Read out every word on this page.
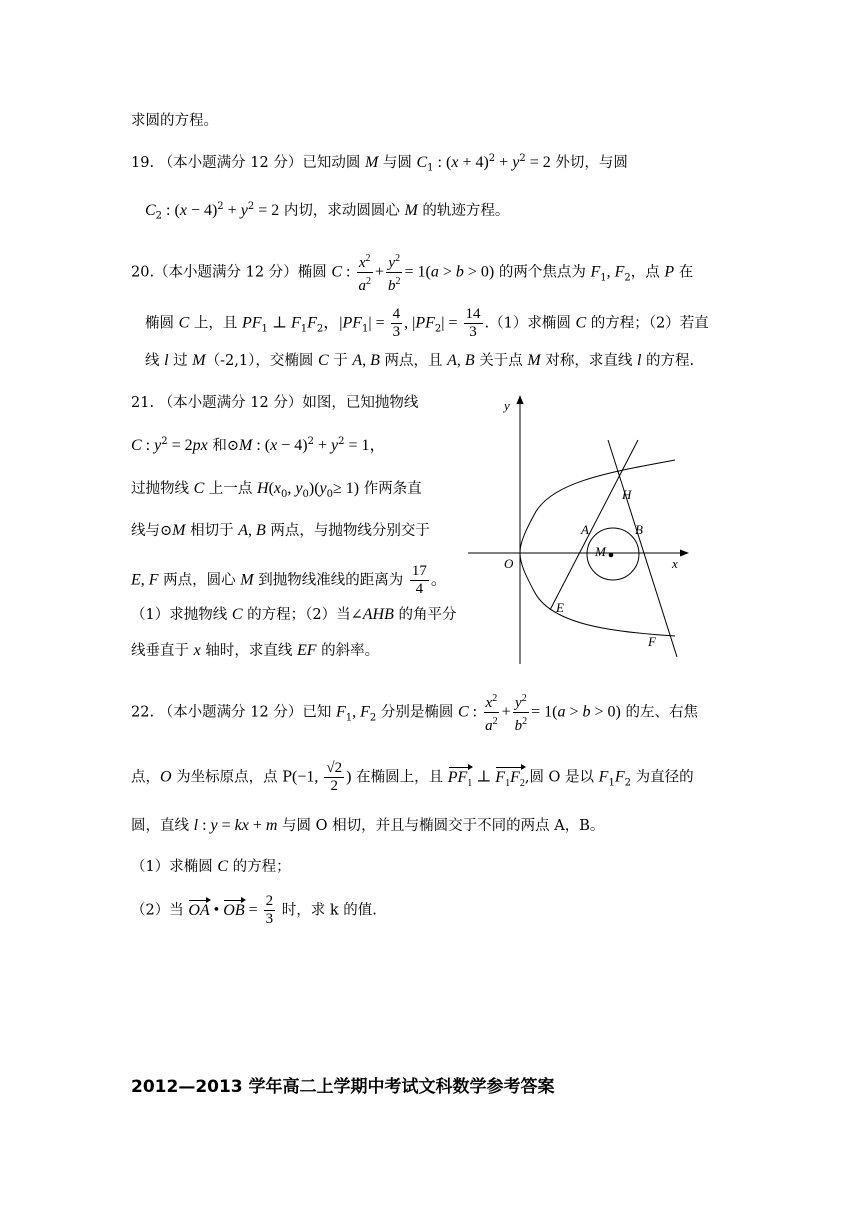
求圆的方程。
19. （本小题满分 12 分）已知动圆 M 与圆 $C_1$ : $(x + 4)^2 + y^2 = 2$ 外切，与圆
$C_2$ : $(x - 4)^2 + y^2 = 2$ 内切，求动圆圆心 M 的轨迹方程。
20.（本小题满分 12 分）椭圆 C : $\frac{x^2}{a^2} + \frac{y^2}{b^2} = 1(a > b > 0)$ 的两个焦点为 $F_1$, $F_2$，点 P 在
椭圆 C 上，且 $PF_1$ ⊥ $F_1F_2$，$|PF_1| = \frac{4}{3}$ , $|PF_2| = \frac{14}{3} .(1)$求椭圆 C 的方程；（2）若直
线 l 过 M（-2,1），交椭圆 C 于 A, B 两点，且 A, B 关于点 M 对称，求直线 l 的方程.
21. （本小题满分 12 分）如图，已知抛物线
C : $y^2 = 2px$ 和⊙M : $(x - 4)^2 + y^2 = 1$，
过抛物线 C 上一点 $H(x_0$, $y_0)(y_0\ge 1)$ 作两条直
线与⊙M 相切于 A, B 两点，与抛物线分别交于
E, F 两点，圆心 M 到抛物线准线的距离为 $\frac{17}{4}$ 。
（1）求抛物线 C 的方程；（2）当∠AHB 的角平分
线垂直于 x 轴时，求直线 EF 的斜率。
y
x
O
H
A	B
M
E
F
22. （本小题满分 12 分）已知 $F_1$, $F_2$ 分别是椭圆 C : $\frac{x^2}{a^2} + \frac{y^2}{b^2} = 1(a > b > 0)$ 的左、右焦
点，O 为坐标原点，点 P(−1, $\frac{√2}{2}$ ) 在椭圆上，且 $PF_1$ ⊥ $F_1F_2$,圆 O 是以 $F_1F_2$ 为直径的
圆，直线 l : y = kx + m 与圆 O 相切，并且与椭圆交于不同的两点 A，B。
（1）求椭圆 C 的方程；
（2）当 OA • OB = $\frac{2}{3}$ 时，求 k 的值.
2012—2013 学年高二上学期中考试文科数学参考答案
